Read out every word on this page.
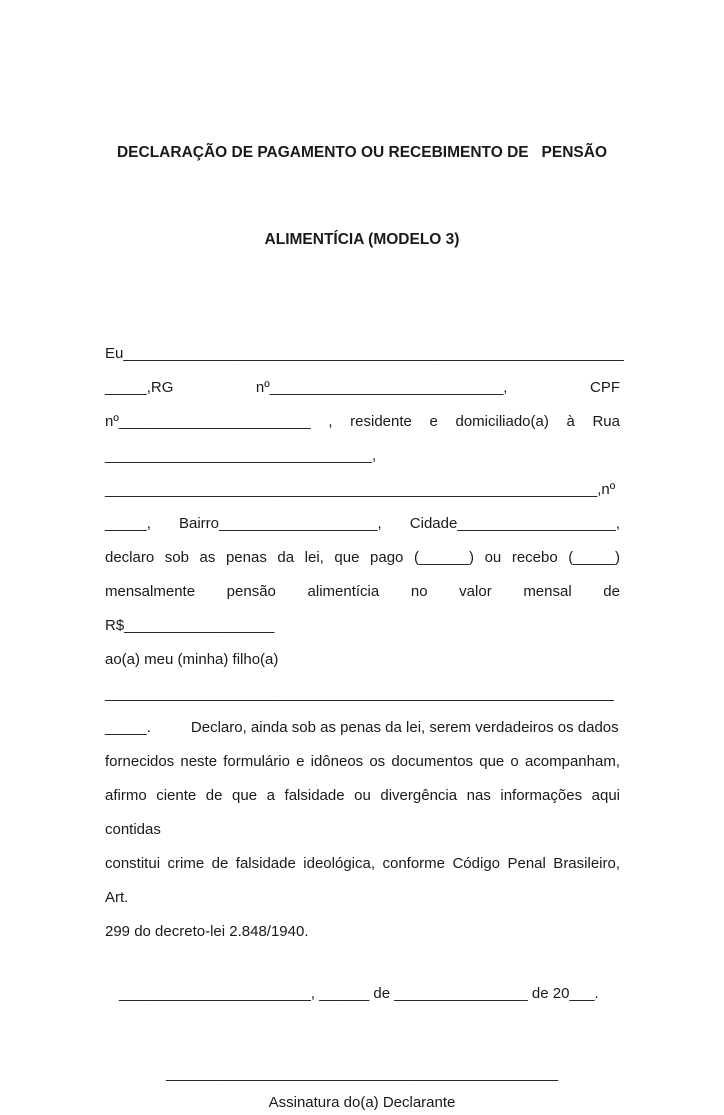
DECLARAÇÃO DE PAGAMENTO OU RECEBIMENTO DE   PENSÃO

ALIMENTÍCIA (MODELO 3)

Eu____________________________________________________________
_____,RG nº____________________________, CPF
nº_______________________ , residente e domiciliado(a) à Rua
________________________________,
___________________________________________________________,nº
_____, Bairro___________________, Cidade___________________,
declaro sob as penas da lei, que pago (______) ou recebo (_____)
mensalmente pensão alimentícia no valor mensal de R$__________________
ao(a) meu (minha) filho(a)
_____________________________________________________________
_____.	Declaro, ainda sob as penas da lei, serem verdadeiros os dados
fornecidos neste formulário e idôneos os documentos que o acompanham,
afirmo ciente de que a falsidade ou divergência nas informações aqui contidas
constitui crime de falsidade ideológica, conforme Código Penal Brasileiro, Art.
299 do decreto-lei 2.848/1940.
_______________________, ______ de ________________ de 20___.
_______________________________________________
Assinatura do(a) Declarante
